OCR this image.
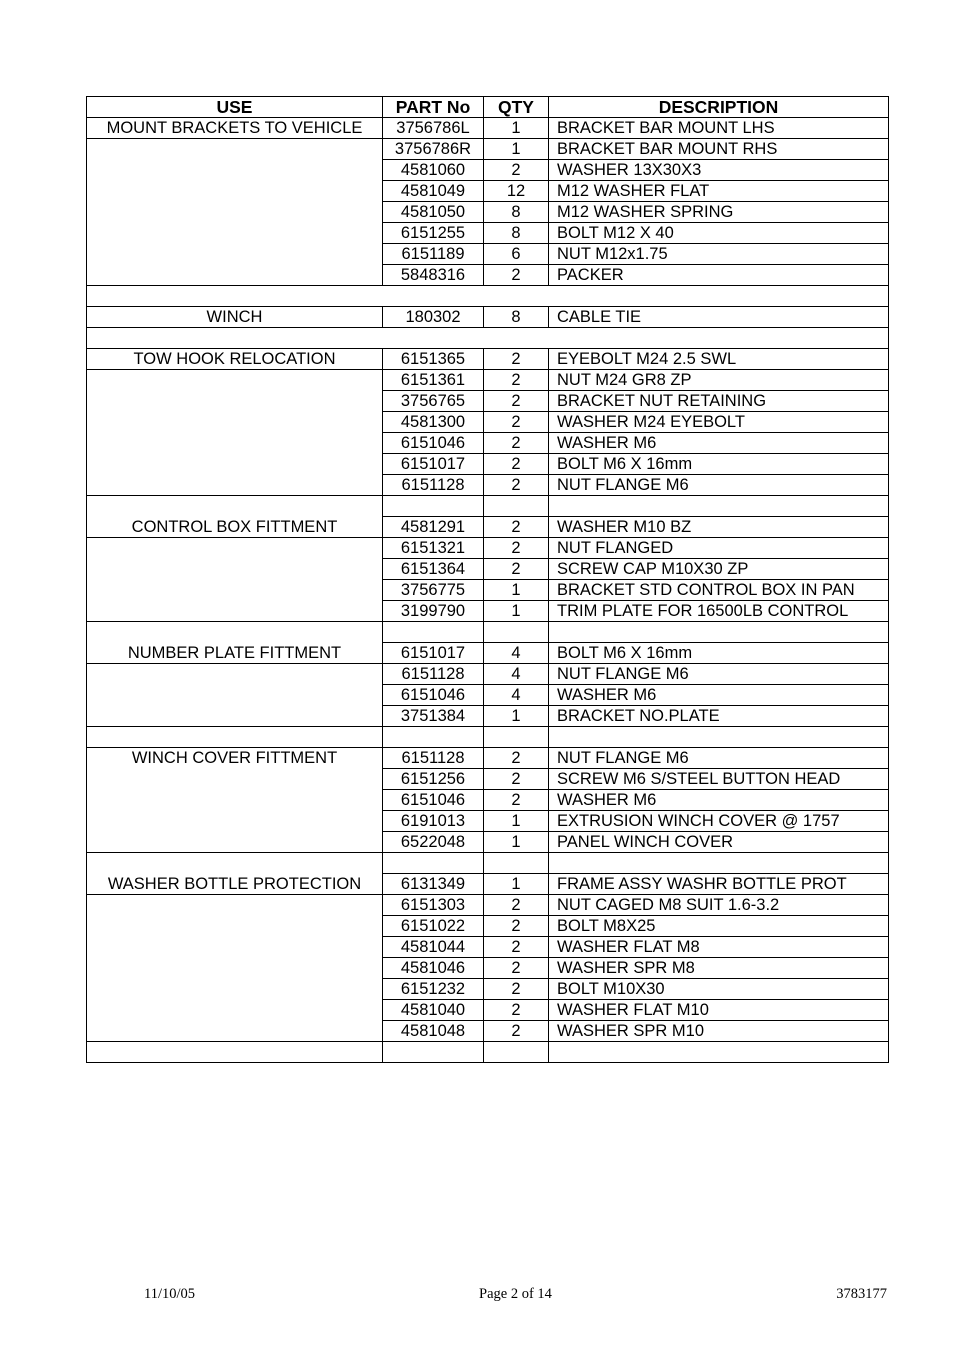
USE	PART No	QTY	DESCRIPTION
MOUNT BRACKETS TO VEHICLE	3756786L	1	BRACKET BAR MOUNT LHS
	3756786R	1	BRACKET BAR MOUNT RHS
	4581060	2	WASHER 13X30X3
	4581049	12	M12 WASHER FLAT
	4581050	8	M12 WASHER SPRING
	6151255	8	BOLT M12 X 40
	6151189	6	NUT M12x1.75
	5848316	2	PACKER

WINCH	180302	8	CABLE TIE

TOW HOOK RELOCATION	6151365	2	EYEBOLT M24 2.5 SWL
	6151361	2	NUT M24 GR8 ZP
	3756765	2	BRACKET NUT RETAINING
	4581300	2	WASHER M24 EYEBOLT
	6151046	2	WASHER M6
	6151017	2	BOLT M6 X 16mm
	6151128	2	NUT FLANGE M6

CONTROL BOX FITTMENT	4581291	2	WASHER M10 BZ
	6151321	2	NUT FLANGED
	6151364	2	SCREW CAP M10X30 ZP
	3756775	1	BRACKET STD CONTROL BOX IN PAN
	3199790	1	TRIM PLATE FOR 16500LB CONTROL

NUMBER PLATE FITTMENT	6151017	4	BOLT M6 X 16mm
	6151128	4	NUT FLANGE M6
	6151046	4	WASHER M6
	3751384	1	BRACKET NO.PLATE

WINCH COVER FITTMENT	6151128	2	NUT FLANGE M6
	6151256	2	SCREW M6 S/STEEL BUTTON HEAD
	6151046	2	WASHER M6
	6191013	1	EXTRUSION WINCH COVER @ 1757
	6522048	1	PANEL WINCH COVER

WASHER BOTTLE PROTECTION	6131349	1	FRAME ASSY WASHR BOTTLE PROT
	6151303	2	NUT CAGED M8 SUIT 1.6-3.2
	6151022	2	BOLT M8X25
	4581044	2	WASHER FLAT M8
	4581046	2	WASHER SPR M8
	6151232	2	BOLT M10X30
	4581040	2	WASHER FLAT M10
	4581048	2	WASHER SPR M10

11/10/05	Page 2 of 14	3783177
